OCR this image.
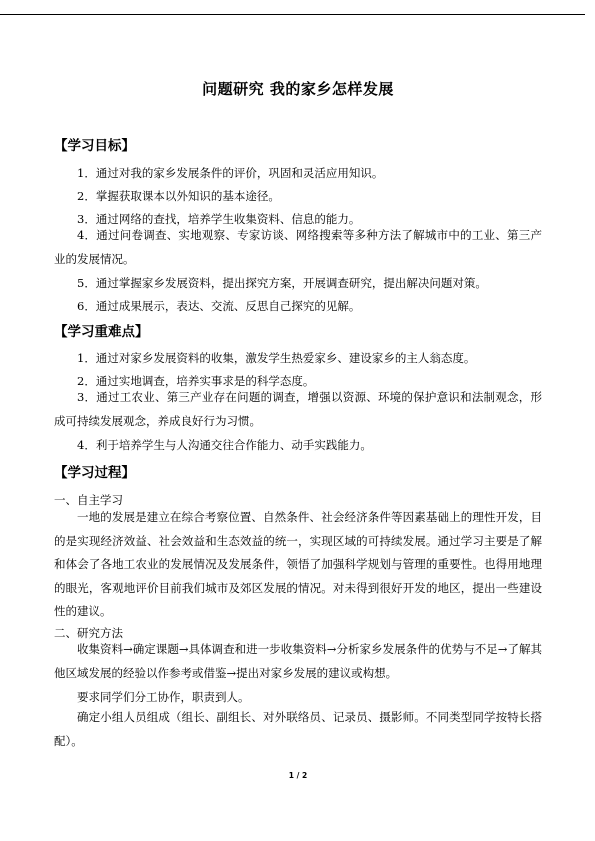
问题研究 我的家乡怎样发展
【学习目标】
1．通过对我的家乡发展条件的评价，巩固和灵活应用知识。
2．掌握获取课本以外知识的基本途径。
3．通过网络的查找，培养学生收集资料、信息的能力。
4．通过问卷调查、实地观察、专家访谈、网络搜索等多种方法了解城市中的工业、第三产业的发展情况。
5．通过掌握家乡发展资料，提出探究方案，开展调查研究，提出解决问题对策。
6．通过成果展示，表达、交流、反思自己探究的见解。
【学习重难点】
1．通过对家乡发展资料的收集，激发学生热爱家乡、建设家乡的主人翁态度。
2．通过实地调查，培养实事求是的科学态度。
3．通过工农业、第三产业存在问题的调查，增强以资源、环境的保护意识和法制观念，形成可持续发展观念，养成良好行为习惯。
4．利于培养学生与人沟通交往合作能力、动手实践能力。
【学习过程】
一、自主学习
一地的发展是建立在综合考察位置、自然条件、社会经济条件等因素基础上的理性开发，目的是实现经济效益、社会效益和生态效益的统一，实现区域的可持续发展。通过学习主要是了解和体会了各地工农业的发展情况及发展条件，领悟了加强科学规划与管理的重要性。也得用地理的眼光，客观地评价目前我们城市及郊区发展的情况。对未得到很好开发的地区，提出一些建设性的建议。
二、研究方法
收集资料→确定课题→具体调查和进一步收集资料→分析家乡发展条件的优势与不足→了解其他区域发展的经验以作参考或借鉴→提出对家乡发展的建议或构想。
要求同学们分工协作，职责到人。
确定小组人员组成（组长、副组长、对外联络员、记录员、摄影师。不同类型同学按特长搭配）。
1 / 2
